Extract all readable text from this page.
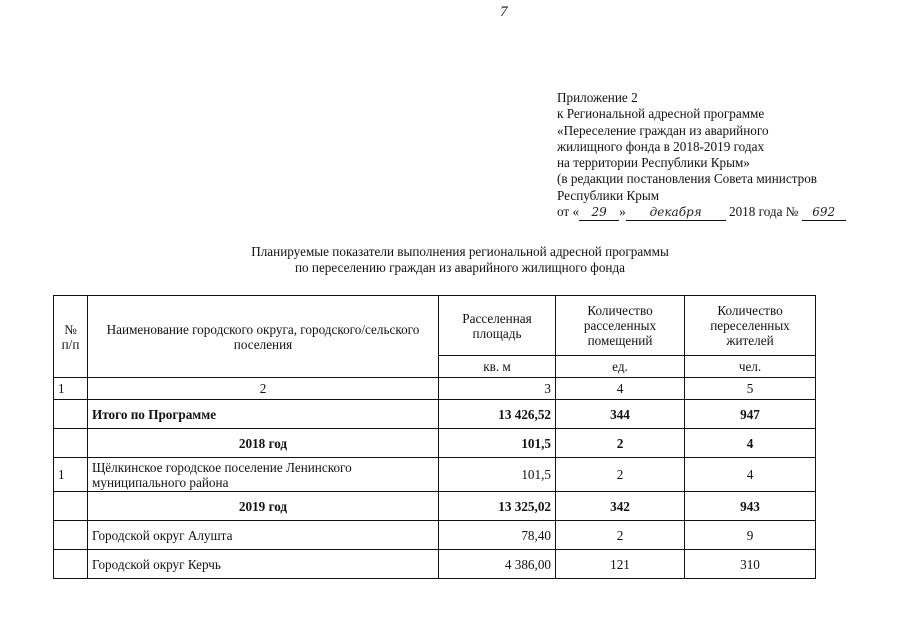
7
Приложение 2
к Региональной адресной программе
«Переселение граждан из аварийного
жилищного фонда в 2018-2019 годах
на территории Республики Крым»
(в редакции постановления Совета министров
Республики Крым
от « 29 » декабря 2018 года № 692
Планируемые показатели выполнения региональной адресной программы
по переселению граждан из аварийного жилищного фонда
№ п/п	Наименование городского округа, городского/сельского поселения	Расселенная площадь	Количество расселенных помещений	Количество переселенных жителей
		кв. м	ед.	чел.
1	2	3	4	5
	Итого по Программе	13 426,52	344	947
	2018 год	101,5	2	4
1	Щёлкинское городское поселение Ленинского муниципального района	101,5	2	4
	2019 год	13 325,02	342	943
	Городской округ Алушта	78,40	2	9
	Городской округ Керчь	4 386,00	121	310
